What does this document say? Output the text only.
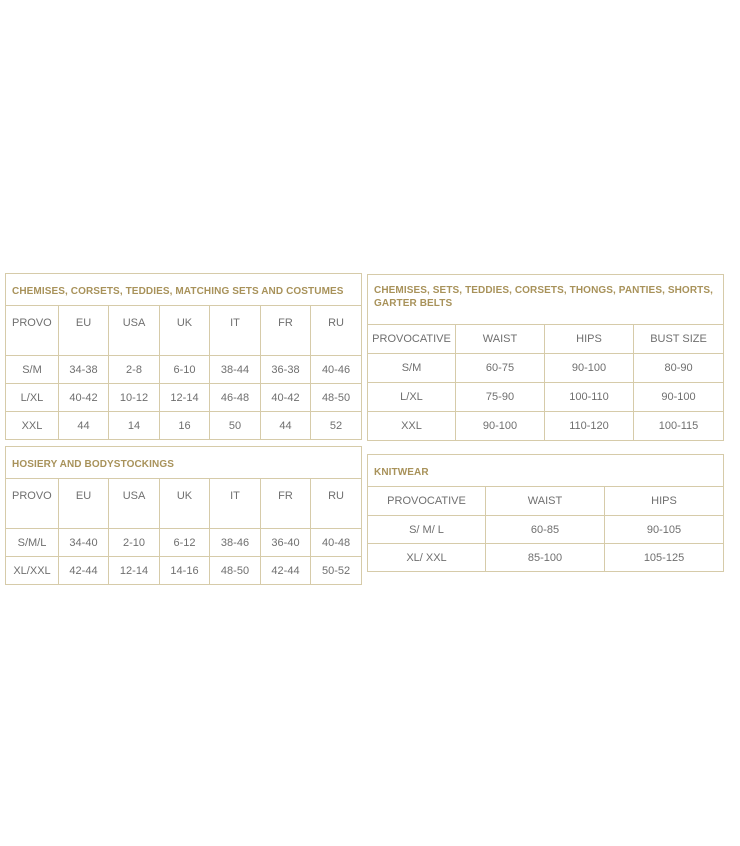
CHEMISES, CORSETS, TEDDIES, MATCHING SETS AND COSTUMES						
PROVO	EU	USA	UK	IT	FR	RU
S/M	34-38	2-8	6-10	38-44	36-38	40-46
L/XL	40-42	10-12	12-14	46-48	40-42	48-50
XXL	44	14	16	50	44	52
CHEMISES, SETS, TEDDIES, CORSETS, THONGS, PANTIES, SHORTS, GARTER BELTS			
PROVOCATIVE	WAIST	HIPS	BUST SIZE
S/M	60-75	90-100	80-90
L/XL	75-90	100-110	90-100
XXL	90-100	110-120	100-115
HOSIERY AND BODYSTOCKINGS						
PROVO	EU	USA	UK	IT	FR	RU
S/M/L	34-40	2-10	6-12	38-46	36-40	40-48
XL/XXL	42-44	12-14	14-16	48-50	42-44	50-52
KNITWEAR		
PROVOCATIVE	WAIST	HIPS
S/ M/ L	60-85	90-105
XL/ XXL	85-100	105-125
